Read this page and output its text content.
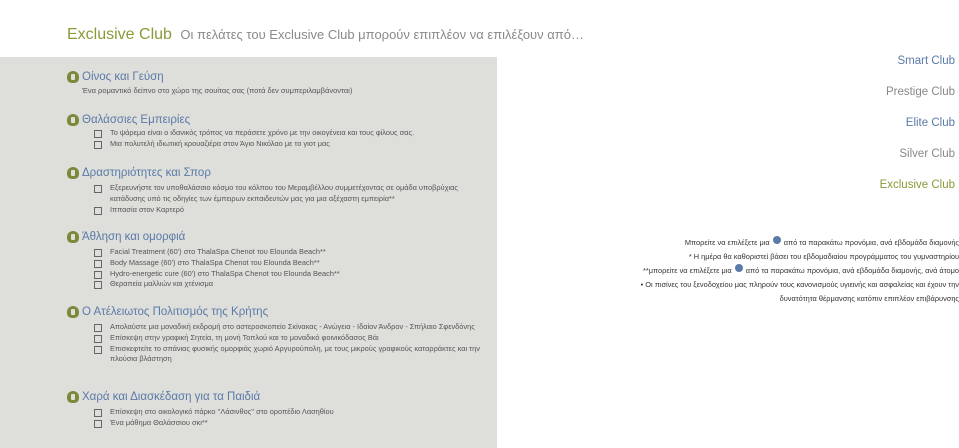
Exclusive Club Οι πελάτες του Exclusive Club μπορούν επιπλέον να επιλέξουν από…
Οίνος και Γεύση
Ένα ρομαντικό δείπνο στο χώρο της σουίτας σας (ποτά δεν συμπεριλαμβάνονται)
Θαλάσσιες Εμπειρίες
Το ψάρεμα είναι ο ιδανικός τρόπος να περάσετε χρόνο με την οικογένεια και τους φίλους σας.
Μια πολυτελή ιδιωτική κρουαζιέρα στον Άγιο Νικόλαο με το γιοτ μας
Δραστηριότητες και Σπορ
Εξερευνήστε τον υποθαλάσσιο κόσμο του κόλπου του Μεραμβέλλου συμμετέχοντας σε ομάδα υποβρύχιας κατάδυσης υπό τις οδηγίες των έμπειρων εκπαιδευτών μας για μια αξέχαστη εμπειρία**
Ιππασία στον Καρτερό
Άθληση και ομορφιά
Facial Treatment (60') στο ThalaSpa Chenot του Elounda Beach**
Body Massage (60') στο ThalaSpa Chenot του Elounda Beach**
Hydro-energetic cure (60') στο ThalaSpa Chenot του Elounda Beach**
Θεραπεία μαλλιών και χτένισμα
Ο Ατέλειωτος Πολιτισμός της Κρήτης
Απολαύστε μια μοναδική εκδρομή στο αστεροσκοπείο Σκίνακας - Ανώγεια - Ιδαίον Άνδρον - Σπήλαιο Σφενδόνης
Επίσκεψη στην γραφική Σητεία, τη μονή Τοπλού και το μοναδικό φοινικόδασος Βάι
Επισκεφτείτε το σπάνιας φυσικής ομορφιάς χωριό Αργυρούπολη, με τους μικρούς γραφικούς καταρράκτες και την πλούσια βλάστηση
Χαρά και Διασκέδαση για τα Παιδιά
Επίσκεψη στο οικολογικό πάρκο ''Λάσινθος'' στο οροπέδιο Λασηθίου
Ένα μάθημα Θαλάσσιου σκι**
Smart Club
Prestige Club
Elite Club
Silver Club
Exclusive Club
Μπορείτε να επιλέξετε μια από τα παρακάτω προνόμια, ανά εβδομάδα διαμονής
* Η ημέρα θα καθοριστεί βάσει του εβδομαδιαίου προγράμματος του γυμναστηρίου
**μπορείτε να επιλέξετε μια από τα παρακάτω προνόμια, ανά εβδομάδα διαμονής, ανά άτομο
• Οι πισίνες του ξενοδοχείου μας πληρούν τους κανονισμούς υγιεινής και ασφαλείας και έχουν την
δυνατότητα θέρμανσης κατόπιν επιπλέον επιβάρυνσης
